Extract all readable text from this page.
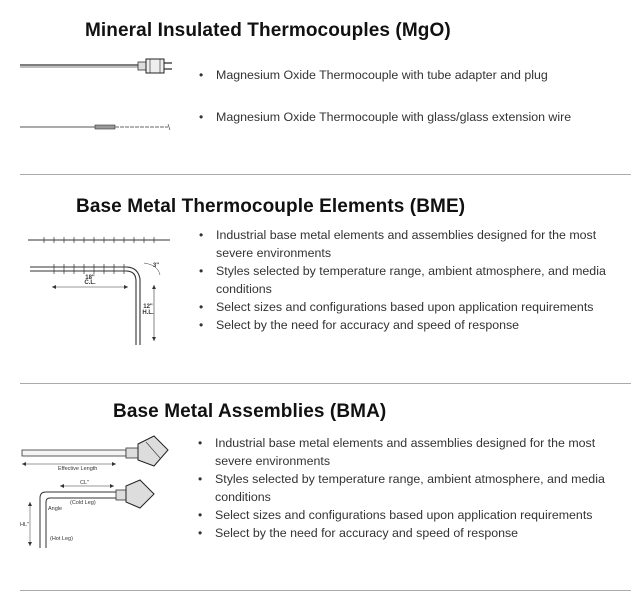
Mineral Insulated Thermocouples (MgO)
• Magnesium Oxide Thermocouple with tube adapter and plug
• Magnesium Oxide Thermocouple with glass/glass extension wire
Base Metal Thermocouple Elements (BME)
18"
C.L.
3"
12"
H.L.
• Industrial base metal elements and assemblies designed for the most severe environments
• Styles selected by temperature range, ambient atmosphere, and media conditions
• Select sizes and configurations based upon application requirements
• Select by the need for accuracy and speed of response
Base Metal Assemblies (BMA)
Effective Length
CL"
(Cold Leg)
Angle
HL"
(Hot Leg)
• Industrial base metal elements and assemblies designed for the most severe environments
• Styles selected by temperature range, ambient atmosphere, and media conditions
• Select sizes and configurations based upon application requirements
• Select by the need for accuracy and speed of response
